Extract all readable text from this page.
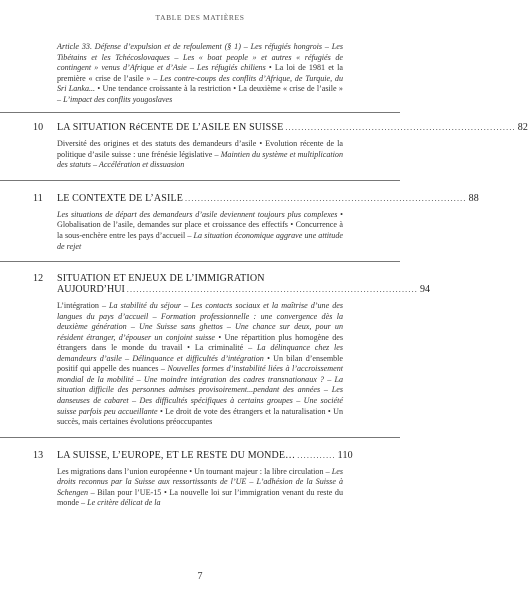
TABLE DES MATIÈRES

Article 33. Défense d’expulsion et de refoulement (§ 1) – Les réfugiés hongrois – Les Tibétains et les Tchécoslovaques – Les « boat people » et autres « réfugiés de contingent » venus d’Afrique et d’Asie – Les réfugiés chiliens • La loi de 1981 et la première « crise de l’asile » – Les contre-coups des conflits d’Afrique, de Turquie, du Sri Lanka... • Une tendance croissante à la restriction • La deuxième « crise de l’asile » – L’impact des conflits yougoslaves

10 LA SITUATION RéCENTE DE L’ASILE EN SUISSE ........................................................................ 82

Diversité des origines et des statuts des demandeurs d’asile • Evolution récente de la politique d’asile suisse : une frénésie législative – Maintien du système et multiplication des statuts – Accélération et dissuasion

11 LE CONTEXTE DE L’ASILE ........................................................................................ 88

Les situations de départ des demandeurs d’asile deviennent toujours plus complexes • Globalisation de l’asile, demandes sur place et croissance des effectifs • Concurrence à la sous-enchère entre les pays d’accueil – La situation économique aggrave une attitude de rejet

12 SITUATION ET ENJEUX DE L’IMMIGRATION
AUJOURD’HUI ........................................................................................... 94

L’intégration – La stabilité du séjour – Les contacts sociaux et la maîtrise d’une des langues du pays d’accueil – Formation professionnelle : une convergence dès la deuxième génération – Une Suisse sans ghettos – Une chance sur deux, pour un résident étranger, d’épouser un conjoint suisse • Une répartition plus homogène des étrangers dans le monde du travail • La criminalité – La délinquance chez les demandeurs d’asile – Délinquance et difficultés d’intégration • Un bilan d’ensemble positif qui appelle des nuances – Nouvelles formes d’instabilité liées à l’accroissement mondial de la mobilité – Une moindre intégration des cadres transnationaux ? – La situation difficile des personnes admises provisoirement...pendant des années – Les danseuses de cabaret – Des difficultés spécifiques à certains groupes – Une société suisse parfois peu accueillante • Le droit de vote des étrangers et la naturalisation • Un succès, mais certaines évolutions préoccupantes

13 LA SUISSE, L’EUROPE, ET LE RESTE DU MONDE… ............ 110

Les migrations dans l’union européenne • Un tournant majeur : la libre circulation – Les droits reconnus par la Suisse aux ressortissants de l’UE – L’adhésion de la Suisse à Schengen – Bilan pour l’UE-15 • La nouvelle loi sur l’immigration venant du reste du monde – Le critère délicat de la

7
